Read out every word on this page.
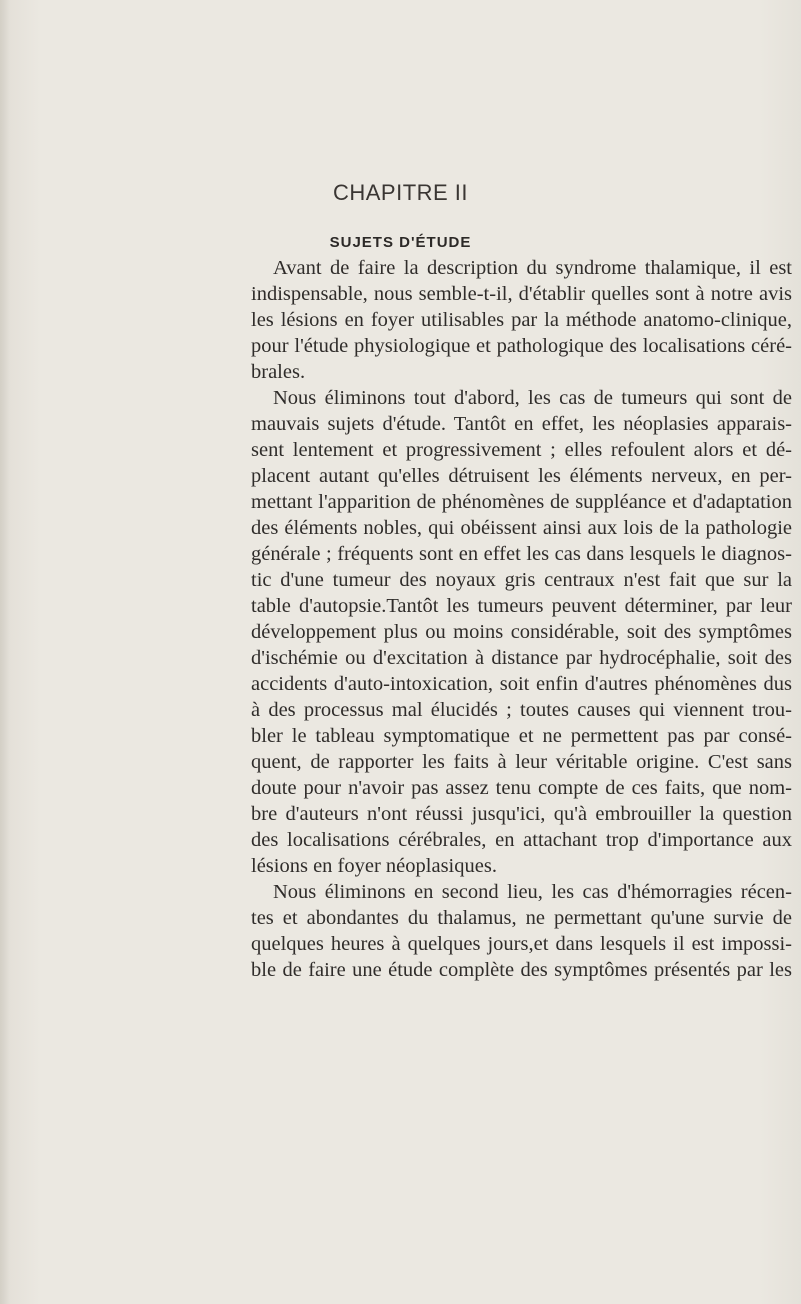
CHAPITRE II
SUJETS D'ÉTUDE
Avant de faire la description du syndrome thalamique, il est
indispensable, nous semble-t-il, d'établir quelles sont à notre avis
les lésions en foyer utilisables par la méthode anatomo-clinique,
pour l'étude physiologique et pathologique des localisations céré-
brales.
Nous éliminons tout d'abord, les cas de tumeurs qui sont de
mauvais sujets d'étude. Tantôt en effet, les néoplasies apparais-
sent lentement et progressivement ; elles refoulent alors et dé-
placent autant qu'elles détruisent les éléments nerveux, en per-
mettant l'apparition de phénomènes de suppléance et d'adaptation
des éléments nobles, qui obéissent ainsi aux lois de la pathologie
générale ; fréquents sont en effet les cas dans lesquels le diagnos-
tic d'une tumeur des noyaux gris centraux n'est fait que sur la
table d'autopsie.Tantôt les tumeurs peuvent déterminer, par leur
développement plus ou moins considérable, soit des symptômes
d'ischémie ou d'excitation à distance par hydrocéphalie, soit des
accidents d'auto-intoxication, soit enfin d'autres phénomènes dus
à des processus mal élucidés ; toutes causes qui viennent trou-
bler le tableau symptomatique et ne permettent pas par consé-
quent, de rapporter les faits à leur véritable origine. C'est sans
doute pour n'avoir pas assez tenu compte de ces faits, que nom-
bre d'auteurs n'ont réussi jusqu'ici, qu'à embrouiller la question
des localisations cérébrales, en attachant trop d'importance aux
lésions en foyer néoplasiques.
Nous éliminons en second lieu, les cas d'hémorragies récen-
tes et abondantes du thalamus, ne permettant qu'une survie de
quelques heures à quelques jours,et dans lesquels il est impossi-
ble de faire une étude complète des symptômes présentés par les
